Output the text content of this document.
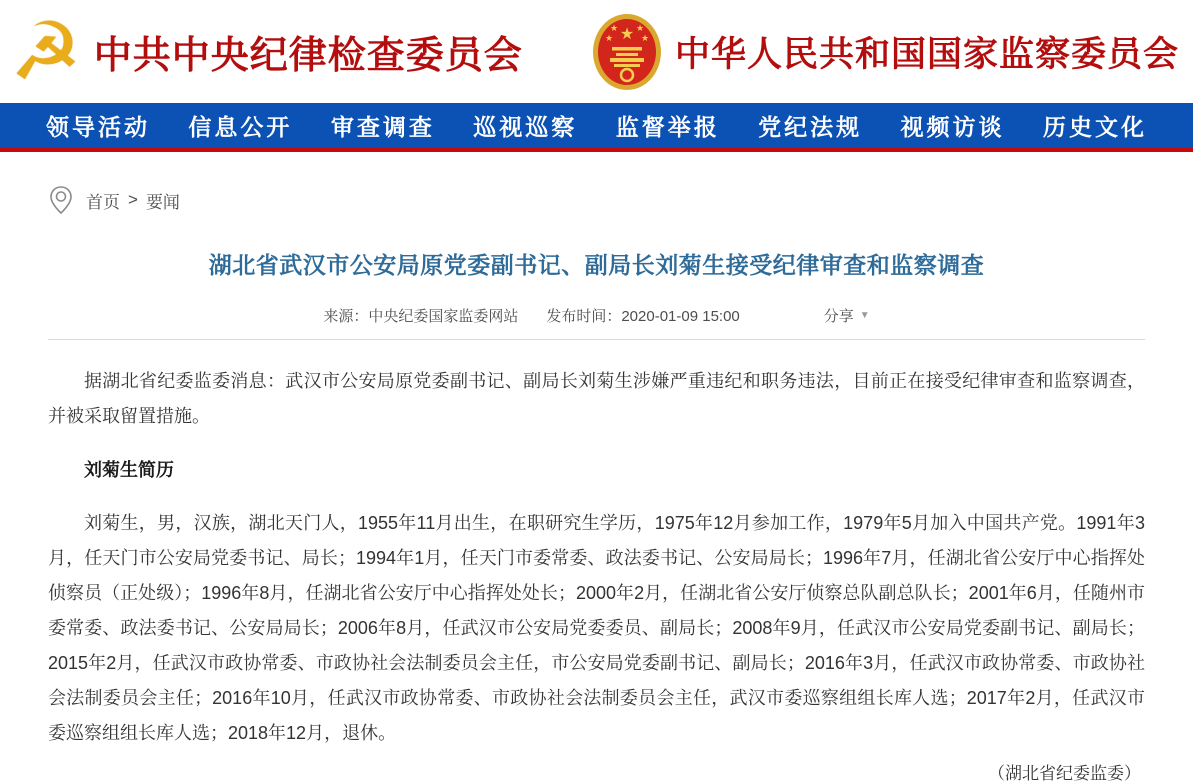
☭ 中共中央纪律检查委员会
★
★ ★
★	★ 中华人民共和国国家监察委员会
领导活动 信息公开 审查调查 巡视巡察 监督举报 党纪法规 视频访谈 历史文化
首页 > 要闻
湖北省武汉市公安局原党委副书记、副局长刘菊生接受纪律审查和监察调查
来源：中央纪委国家监委网站 发布时间：2020-01-09 15:00	分享 ▼

据湖北省纪委监委消息：武汉市公安局原党委副书记、副局长刘菊生涉嫌严重违纪和职务违法，目前正在接受纪律审查和监察调查，并被采取留置措施。

刘菊生简历

刘菊生，男，汉族，湖北天门人，1955年11月出生，在职研究生学历，1975年12月参加工作，1979年5月加入中国共产党。1991年3月，任天门市公安局党委书记、局长；1994年1月，任天门市委常委、政法委书记、公安局局长；1996年7月，任湖北省公安厅中心指挥处侦察员（正处级）；1996年8月，任湖北省公安厅中心指挥处处长；2000年2月，任湖北省公安厅侦察总队副总队长；2001年6月，任随州市委常委、政法委书记、公安局局长；2006年8月，任武汉市公安局党委委员、副局长；2008年9月，任武汉市公安局党委副书记、副局长；2015年2月，任武汉市政协常委、市政协社会法制委员会主任，市公安局党委副书记、副局长；2016年3月，任武汉市政协常委、市政协社会法制委员会主任；2016年10月，任武汉市政协常委、市政协社会法制委员会主任，武汉市委巡察组组长库人选；2017年2月，任武汉市委巡察组组长库人选；2018年12月，退休。

（湖北省纪委监委）
